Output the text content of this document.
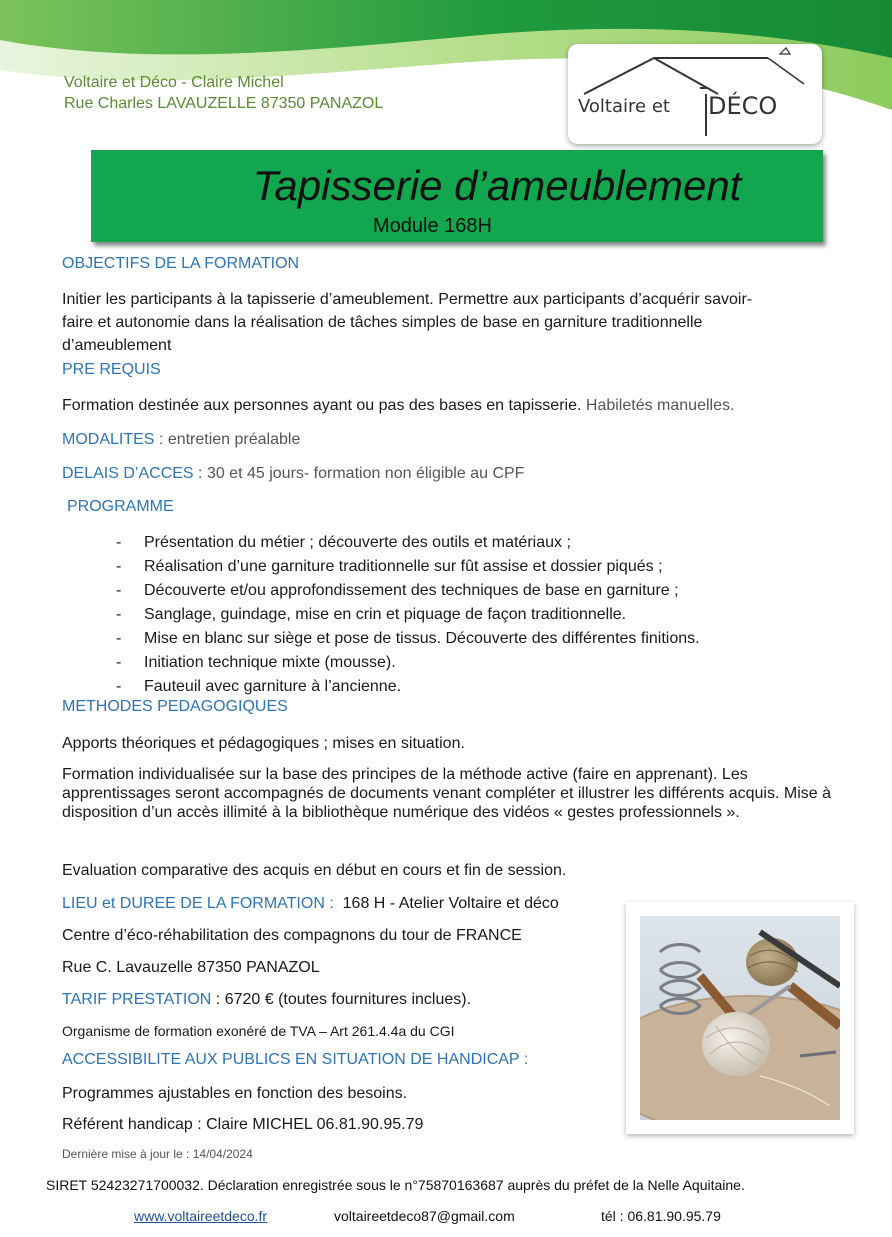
Voltaire et Déco - Claire Michel
Rue Charles LAVAUZELLE 87350 PANAZOL	Voltaire et DÉCO
Tapisserie d’ameublement
Module 168H
OBJECTIFS DE LA FORMATION
Initier les participants à la tapisserie d’ameublement. Permettre aux participants d’acquérir savoir-faire et autonomie dans la réalisation de tâches simples de base en garniture traditionnelle d’ameublement
PRE REQUIS
Formation destinée aux personnes ayant ou pas des bases en tapisserie. Habiletés manuelles.
MODALITES : entretien préalable
DELAIS D’ACCES : 30 et 45 jours- formation non éligible au CPF
PROGRAMME
- Présentation du métier ; découverte des outils et matériaux ;
- Réalisation d’une garniture traditionnelle sur fût assise et dossier piqués ;
- Découverte et/ou approfondissement des techniques de base en garniture ;
- Sanglage, guindage, mise en crin et piquage de façon traditionnelle.
- Mise en blanc sur siège et pose de tissus. Découverte des différentes finitions.
- Initiation technique mixte (mousse).
- Fauteuil avec garniture à l’ancienne.
METHODES PEDAGOGIQUES
Apports théoriques et pédagogiques ; mises en situation.
Formation individualisée sur la base des principes de la méthode active (faire en apprenant). Les apprentissages seront accompagnés de documents venant compléter et illustrer les différents acquis. Mise à disposition d’un accès illimité à la bibliothèque numérique des vidéos « gestes professionnels ».
Evaluation comparative des acquis en début en cours et fin de session.
LIEU et DUREE DE LA FORMATION : 168 H - Atelier Voltaire et déco
Centre d’éco-réhabilitation des compagnons du tour de FRANCE
Rue C. Lavauzelle 87350 PANAZOL
TARIF PRESTATION : 6720 € (toutes fournitures inclues).
Organisme de formation exonéré de TVA – Art 261.4.4a du CGI
ACCESSIBILITE AUX PUBLICS EN SITUATION DE HANDICAP :
Programmes ajustables en fonction des besoins.
Référent handicap : Claire MICHEL 06.81.90.95.79
Dernière mise à jour le : 14/04/2024
SIRET 52423271700032. Déclaration enregistrée sous le n°75870163687 auprès du préfet de la Nelle Aquitaine.
www.voltaireetdeco.fr	voltaireetdeco87@gmail.com	tél : 06.81.90.95.79
